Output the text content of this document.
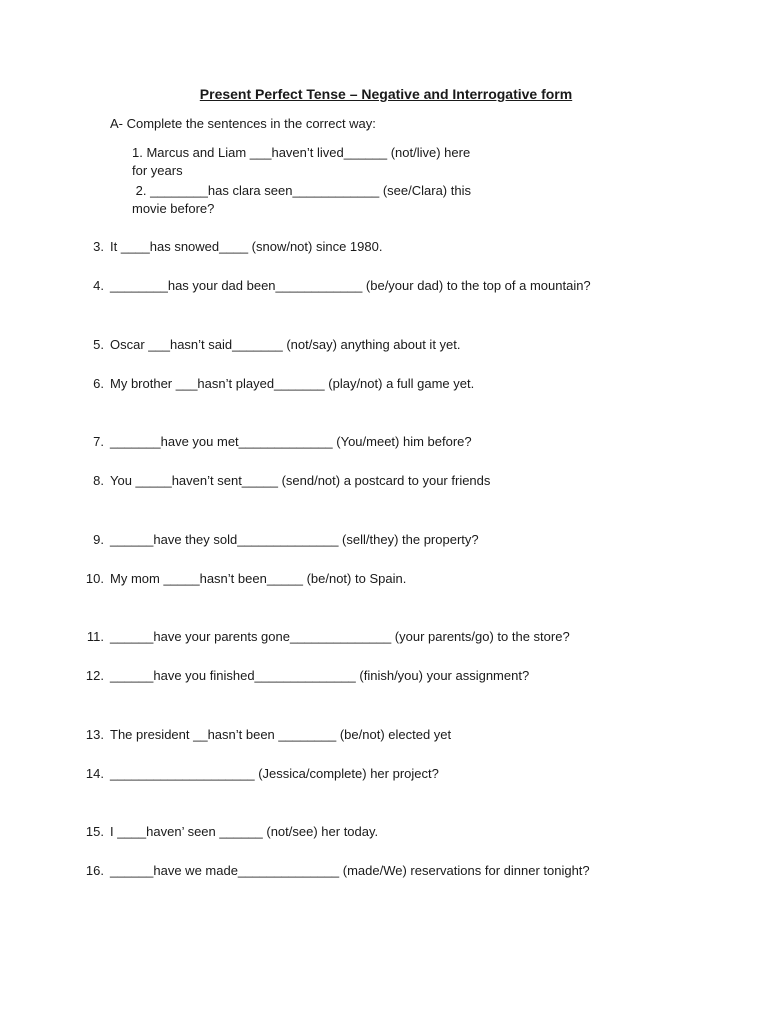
Present Perfect Tense – Negative and Interrogative form
A- Complete the sentences in the correct way:
1. Marcus and Liam ___haven’t lived______ (not/live) here
for years
2. ________has clara seen____________ (see/Clara) this
movie before?
3. It ____has snowed____ (snow/not) since 1980.
4. ________has your dad been____________ (be/your dad) to the top of a mountain?
5. Oscar ___hasn’t said_______ (not/say) anything about it yet.
6. My brother ___hasn’t played_______ (play/not) a full game yet.
7. _______have you met_____________ (You/meet) him before?
8. You _____haven’t sent_____ (send/not) a postcard to your friends
9. ______have they sold______________ (sell/they) the property?
10. My mom _____hasn’t been_____ (be/not) to Spain.
11. ______have your parents gone______________ (your parents/go) to the store?
12. ______have you finished______________ (finish/you) your assignment?
13. The president __hasn’t been ________ (be/not) elected yet
14. ____________________ (Jessica/complete) her project?
15. I ____haven’ seen ______ (not/see) her today.
16. ______have we made______________ (made/We) reservations for dinner tonight?
